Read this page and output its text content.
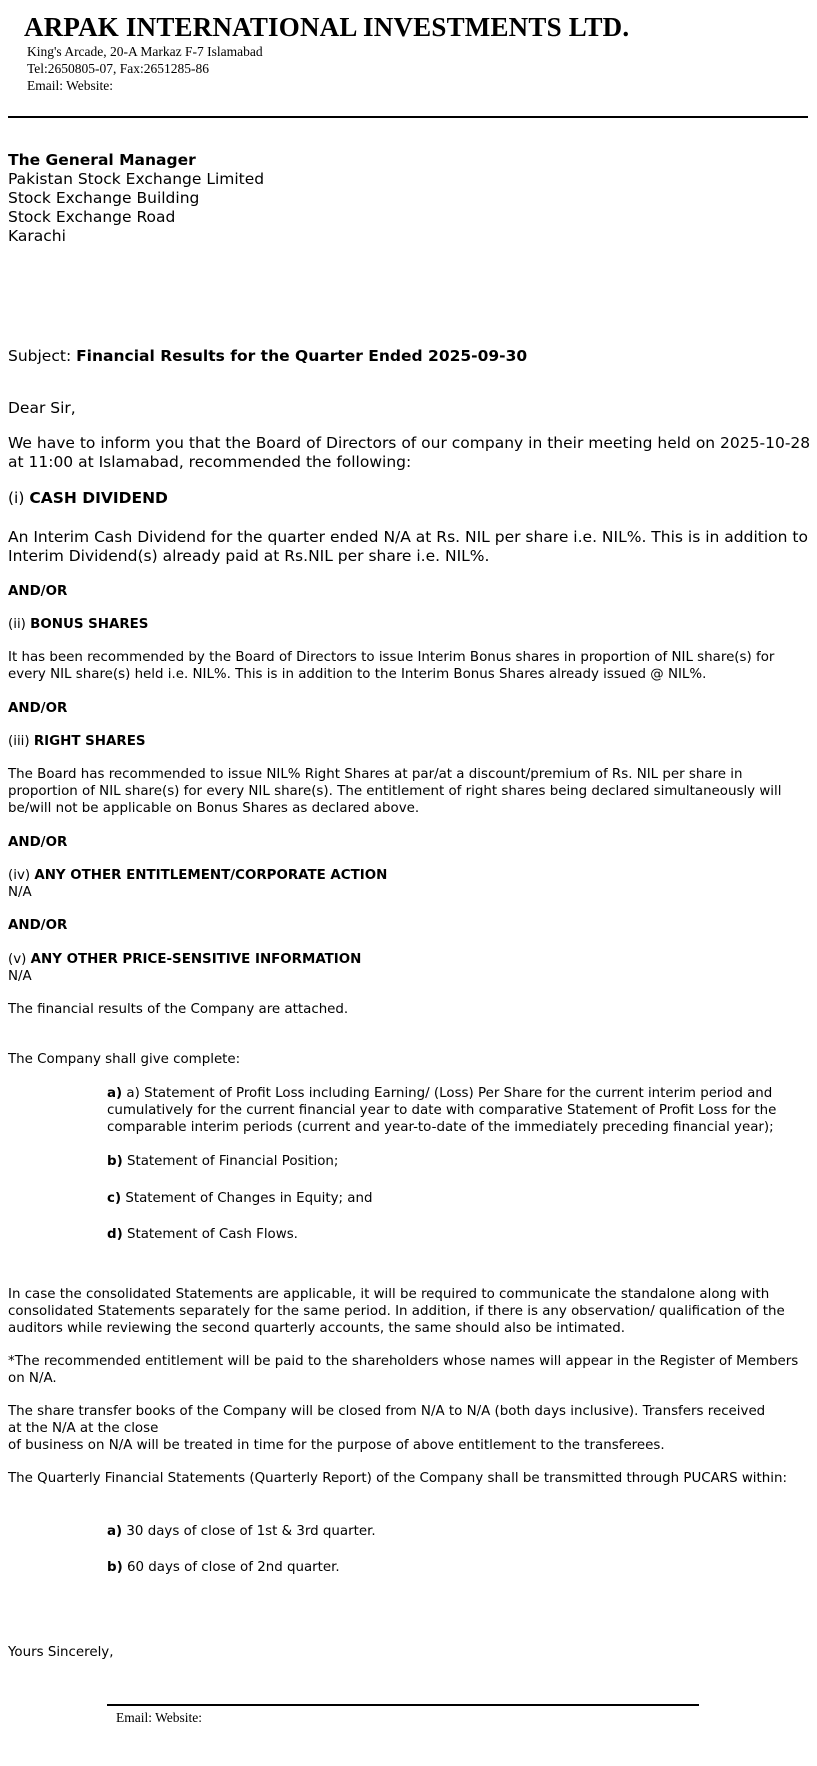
ARPAK INTERNATIONAL INVESTMENTS LTD.
King's Arcade, 20-A Markaz F-7 Islamabad
Tel:2650805-07, Fax:2651285-86
Email: Website:
The General Manager
Pakistan Stock Exchange Limited
Stock Exchange Building
Stock Exchange Road
Karachi
Subject: Financial Results for the Quarter Ended 2025-09-30
Dear Sir,
We have to inform you that the Board of Directors of our company in their meeting held on 2025-10-28 at 11:00 at Islamabad, recommended the following:
(i) CASH DIVIDEND
An Interim Cash Dividend for the quarter ended N/A at Rs. NIL per share i.e. NIL%. This is in addition to Interim Dividend(s) already paid at Rs.NIL per share i.e. NIL%.
AND/OR
(ii) BONUS SHARES
It has been recommended by the Board of Directors to issue Interim Bonus shares in proportion of NIL share(s) for every NIL share(s) held i.e. NIL%. This is in addition to the Interim Bonus Shares already issued @ NIL%.
AND/OR
(iii) RIGHT SHARES
The Board has recommended to issue NIL% Right Shares at par/at a discount/premium of Rs. NIL per share in proportion of NIL share(s) for every NIL share(s). The entitlement of right shares being declared simultaneously will be/will not be applicable on Bonus Shares as declared above.
AND/OR
(iv) ANY OTHER ENTITLEMENT/CORPORATE ACTION
N/A
AND/OR
(v) ANY OTHER PRICE-SENSITIVE INFORMATION
N/A
The financial results of the Company are attached.
The Company shall give complete:
a) a) Statement of Profit Loss including Earning/ (Loss) Per Share for the current interim period and cumulatively for the current financial year to date with comparative Statement of Profit Loss for the comparable interim periods (current and year-to-date of the immediately preceding financial year);
b) Statement of Financial Position;
c) Statement of Changes in Equity; and
d) Statement of Cash Flows.
In case the consolidated Statements are applicable, it will be required to communicate the standalone along with consolidated Statements separately for the same period. In addition, if there is any observation/ qualification of the auditors while reviewing the second quarterly accounts, the same should also be intimated.
*The recommended entitlement will be paid to the shareholders whose names will appear in the Register of Members on N/A.
The share transfer books of the Company will be closed from N/A to N/A (both days inclusive). Transfers received
at the N/A at the close
of business on N/A will be treated in time for the purpose of above entitlement to the transferees.
The Quarterly Financial Statements (Quarterly Report) of the Company shall be transmitted through PUCARS within:
a) 30 days of close of 1st & 3rd quarter.
b) 60 days of close of 2nd quarter.
Yours Sincerely,
Email: Website:
